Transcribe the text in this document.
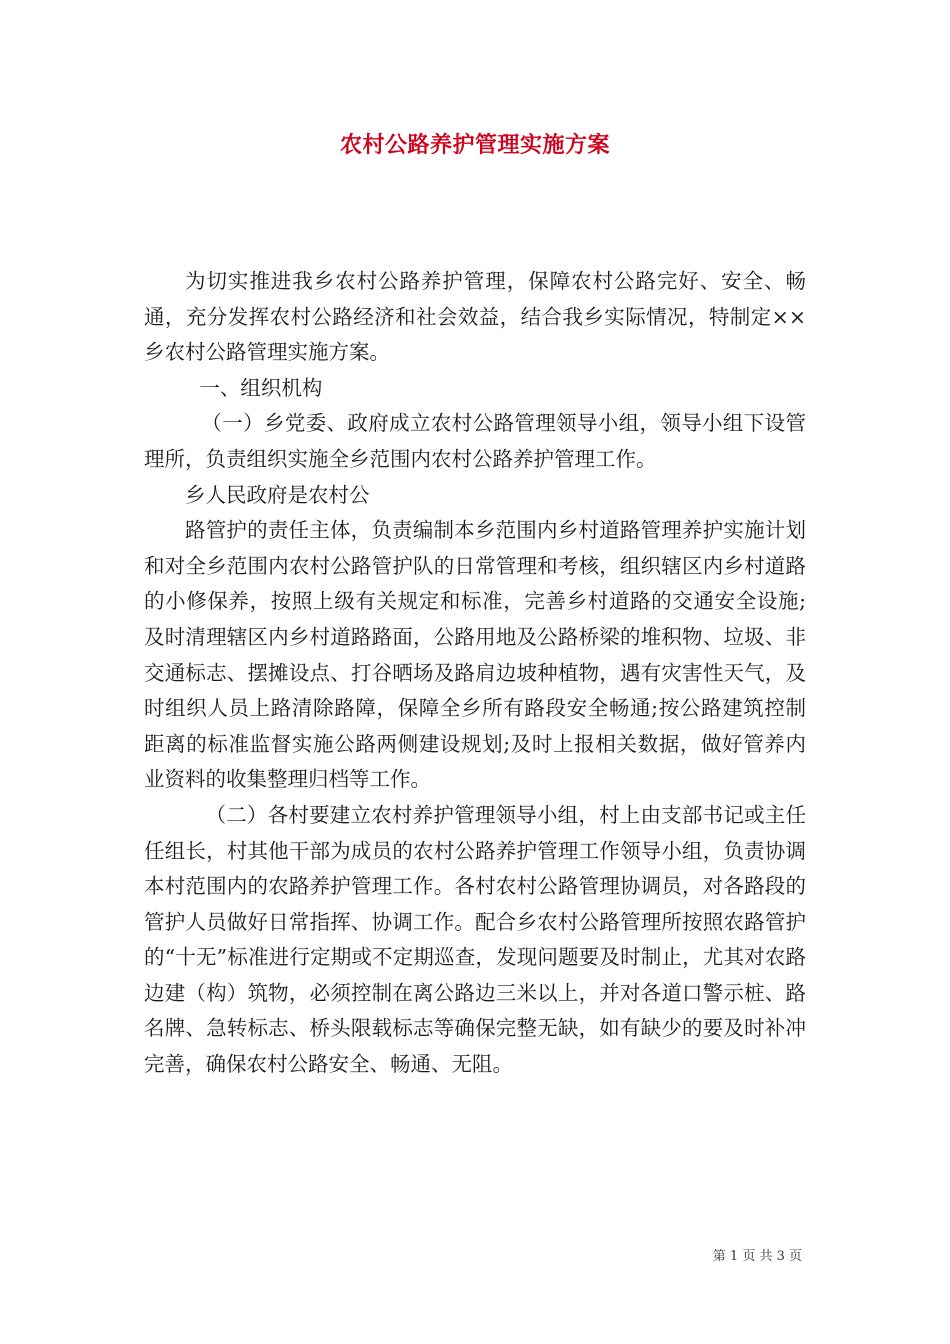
农村公路养护管理实施方案

为切实推进我乡农村公路养护管理，保障农村公路完好、安全、畅通，充分发挥农村公路经济和社会效益，结合我乡实际情况，特制定××乡农村公路管理实施方案。

一、组织机构

（一）乡党委、政府成立农村公路管理领导小组，领导小组下设管理所，负责组织实施全乡范围内农村公路养护管理工作。

乡人民政府是农村公

路管护的责任主体，负责编制本乡范围内乡村道路管理养护实施计划和对全乡范围内农村公路管护队的日常管理和考核，组织辖区内乡村道路的小修保养，按照上级有关规定和标准，完善乡村道路的交通安全设施;及时清理辖区内乡村道路路面，公路用地及公路桥梁的堆积物、垃圾、非交通标志、摆摊设点、打谷晒场及路肩边坡种植物，遇有灾害性天气，及时组织人员上路清除路障，保障全乡所有路段安全畅通;按公路建筑控制距离的标准监督实施公路两侧建设规划;及时上报相关数据，做好管养内业资料的收集整理归档等工作。

（二）各村要建立农村养护管理领导小组，村上由支部书记或主任任组长，村其他干部为成员的农村公路养护管理工作领导小组，负责协调本村范围内的农路养护管理工作。各村农村公路管理协调员，对各路段的管护人员做好日常指挥、协调工作。配合乡农村公路管理所按照农路管护的“十无”标准进行定期或不定期巡查，发现问题要及时制止，尤其对农路边建（构）筑物，必须控制在离公路边三米以上，并对各道口警示桩、路名牌、急转标志、桥头限载标志等确保完整无缺，如有缺少的要及时补冲完善，确保农村公路安全、畅通、无阻。

第 1 页 共 3 页
